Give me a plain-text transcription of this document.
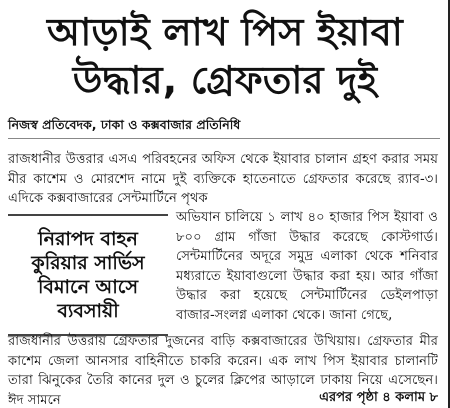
আড়াই লাখ পিস ইয়াবা
উদ্ধার, গ্রেফতার দুই
নিজস্ব প্রতিবেদক, ঢাকা ও কক্সবাজার প্রতিনিধি
রাজধানীর উত্তরার এসএ পরিবহনের অফিস থেকে ইয়াবার চালান গ্রহণ করার সময় মীর কাশেম ও মোরশেদ নামে দুই ব্যক্তিকে হাতেনাতে গ্রেফতার করেছে র‍্যাব-৩। এদিকে কক্সবাজারের সেন্টমার্টিনে পৃথক
নিরাপদ বাহন
কুরিয়ার সার্ভিস
বিমানে আসে
ব্যবসায়ী
অভিযান চালিয়ে ১ লাখ ৪০ হাজার পিস ইয়াবা ও ৮০০ গ্রাম গাঁজা উদ্ধার করেছে কোস্টগার্ড। সেন্টমার্টিনের অদূরে সমুদ্র এলাকা থেকে শনিবার মধ্যরাতে ইয়াবাগুলো উদ্ধার করা হয়। আর গাঁজা উদ্ধার করা হয়েছে সেন্টমার্টিনের ডেইলপাড়া বাজার-সংলগ্ন এলাকা থেকে। জানা গেছে,
রাজধানীর উত্তরায় গ্রেফতার দুজনের বাড়ি কক্সবাজারের উখিয়ায়। গ্রেফতার মীর কাশেম জেলা আনসার বাহিনীতে চাকরি করেন। এক লাখ পিস ইয়াবার চালানটি তারা ঝিনুকের তৈরি কানের দুল ও চুলের ক্লিপের আড়ালে ঢাকায় নিয়ে এসেছেন। ঈদ সামনে	এরপর পৃষ্ঠা ৪ কলাম ৮
